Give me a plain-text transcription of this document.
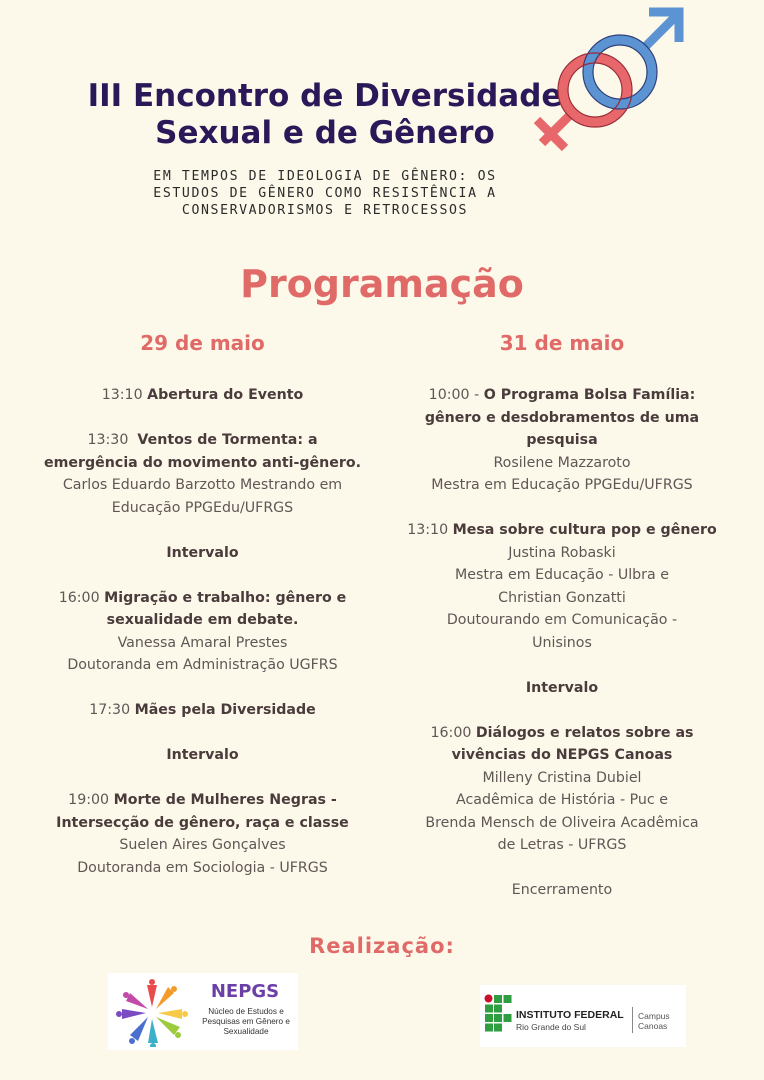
III Encontro de Diversidade
Sexual e de Gênero
EM TEMPOS DE IDEOLOGIA DE GÊNERO: OS
ESTUDOS DE GÊNERO COMO RESISTÊNCIA A
CONSERVADORISMOS E RETROCESSOS
Programação
29 de maio	31 de maio
13:10 Abertura do Evento
13:30 Ventos de Tormenta: a
emergência do movimento anti-gênero.
Carlos Eduardo Barzotto Mestrando em
Educação PPGEdu/UFRGS
Intervalo
16:00 Migração e trabalho: gênero e
sexualidade em debate.
Vanessa Amaral Prestes
Doutoranda em Administração UGFRS
17:30 Mães pela Diversidade
Intervalo
19:00 Morte de Mulheres Negras -
Intersecção de gênero, raça e classe
Suelen Aires Gonçalves
Doutoranda em Sociologia - UFRGS
10:00 - O Programa Bolsa Família:
gênero e desdobramentos de uma
pesquisa
Rosilene Mazzaroto
Mestra em Educação PPGEdu/UFRGS
13:10 Mesa sobre cultura pop e gênero
Justina Robaski
Mestra em Educação - Ulbra e
Christian Gonzatti
Doutourando em Comunicação -
Unisinos
Intervalo
16:00 Diálogos e relatos sobre as
vivências do NEPGS Canoas
Milleny Cristina Dubiel
Acadêmica de História - Puc e
Brenda Mensch de Oliveira Acadêmica
de Letras - UFRGS
Encerramento
Realização:
NEPGS
Núcleo de Estudos e
Pesquisas em Gênero e
Sexualidade
INSTITUTO FEDERAL
Rio Grande do Sul
Campus
Canoas
